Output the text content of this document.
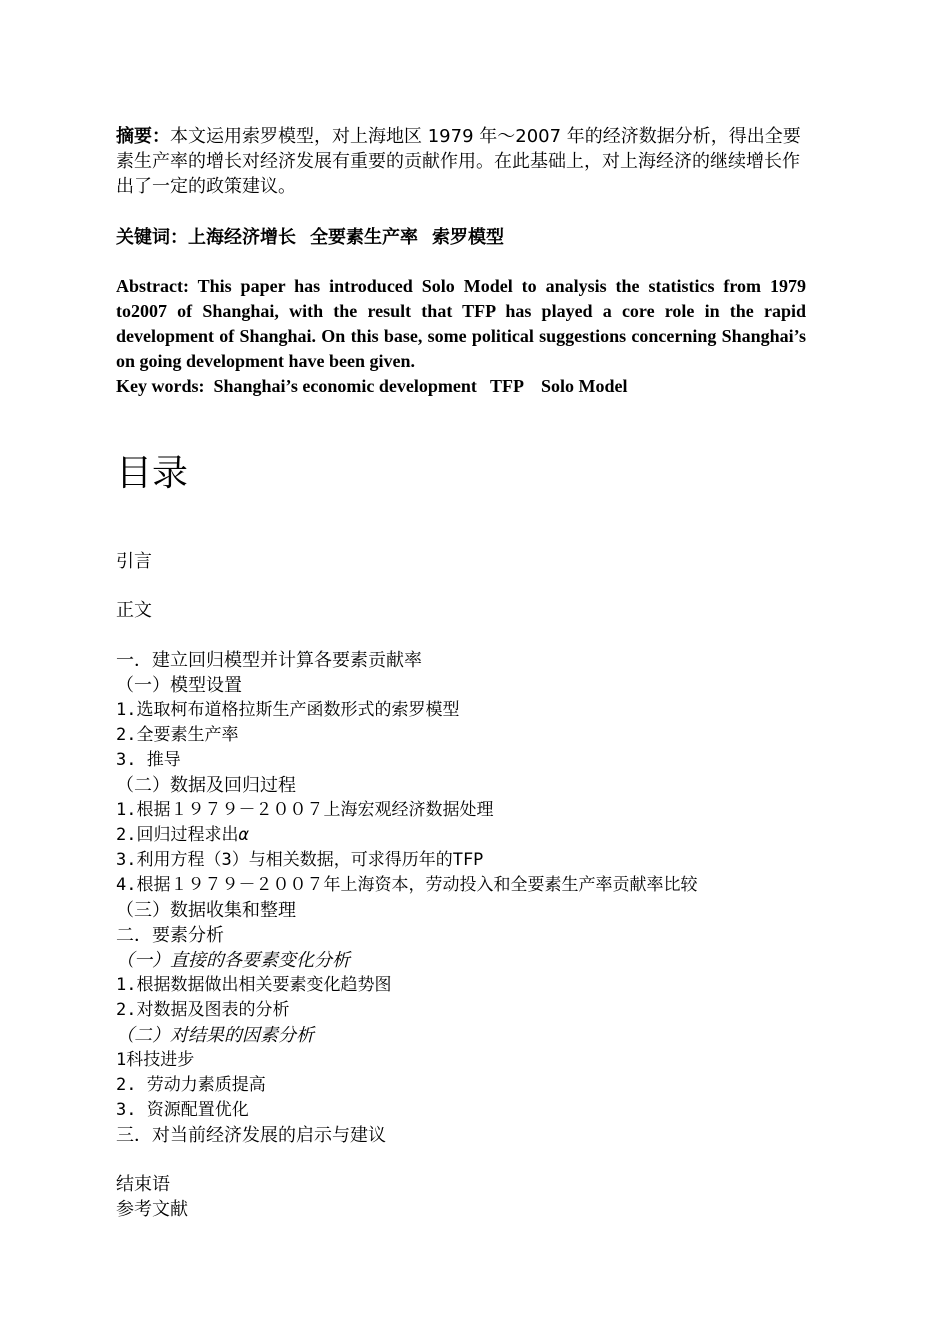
摘要：本文运用索罗模型，对上海地区 1979 年～2007 年的经济数据分析，得出全要素生产率的增长对经济发展有重要的贡献作用。在此基础上，对上海经济的继续增长作出了一定的政策建议。
关键词：上海经济增长 全要素生产率 索罗模型
Abstract: This paper has introduced Solo Model to analysis the statistics from 1979 to2007 of Shanghai, with the result that TFP has played a core role in the rapid development of Shanghai. On this base, some political suggestions concerning Shanghai’s on going development have been given.
Key words:  Shanghai’s economic development   TFP    Solo Model
目录
引言
正文
一．建立回归模型并计算各要素贡献率
（一）模型设置
1.选取柯布道格拉斯生产函数形式的索罗模型
2.全要素生产率
3. 推导
（二）数据及回归过程
1.根据１９７９－２００７上海宏观经济数据处理
2.回归过程求出α
3.利用方程（3）与相关数据，可求得历年的TFP
4.根据１９７９－２００７年上海资本，劳动投入和全要素生产率贡献率比较
（三）数据收集和整理
二．要素分析
（一）直接的各要素变化分析
1.根据数据做出相关要素变化趋势图
2.对数据及图表的分析
（二）对结果的因素分析
1科技进步
2. 劳动力素质提高
3. 资源配置优化
三．对当前经济发展的启示与建议
结束语
参考文献
